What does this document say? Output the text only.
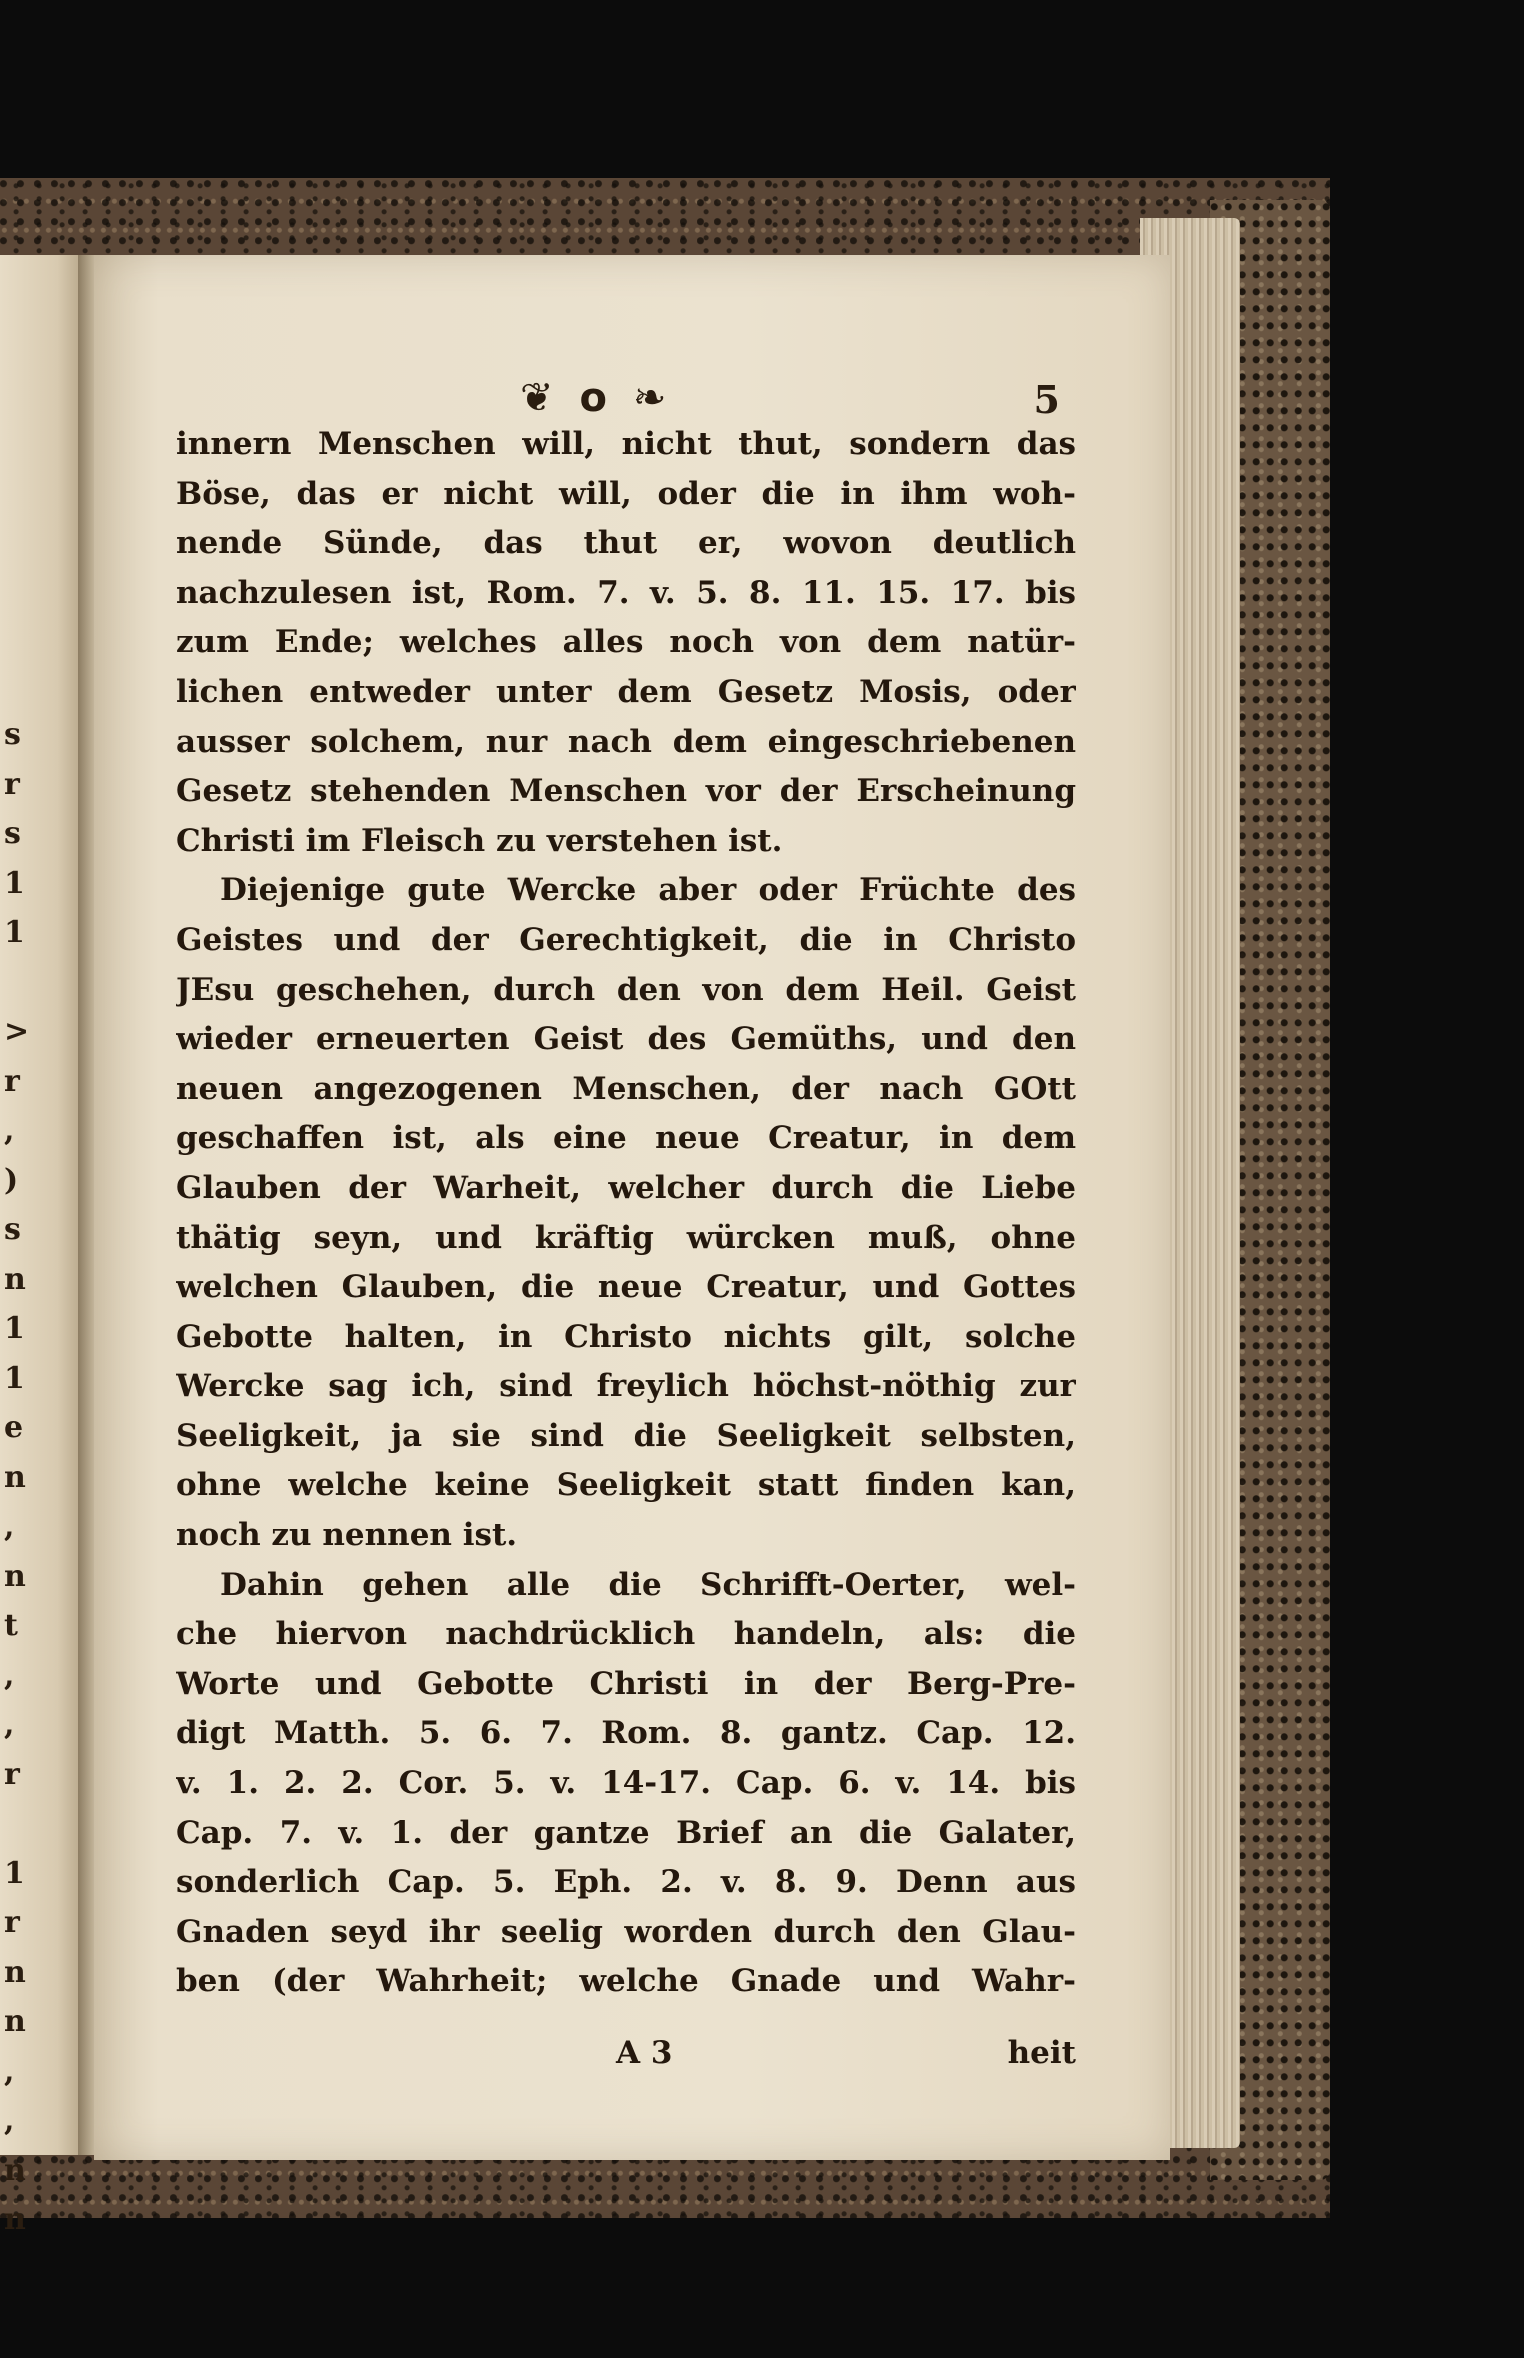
s
r
s
1
1

>
r
,
)
s
n
1
1
e
n
,
n
t
,
,
r

1
r
n
n
,
,
n
n
❦ o ❧	5
innern Menschen will, nicht thut, sondern das
Böse, das er nicht will, oder die in ihm woh-
nende Sünde, das thut er, wovon deutlich
nachzulesen ist, Rom. 7. v. 5. 8. 11. 15. 17. bis
zum Ende; welches alles noch von dem natür-
lichen entweder unter dem Gesetz Mosis, oder
ausser solchem, nur nach dem eingeschriebenen
Gesetz stehenden Menschen vor der Erscheinung
Christi im Fleisch zu verstehen ist.
Diejenige gute Wercke aber oder Früchte des
Geistes und der Gerechtigkeit, die in Christo
JEsu geschehen, durch den von dem Heil. Geist
wieder erneuerten Geist des Gemüths, und den
neuen angezogenen Menschen, der nach GOtt
geschaffen ist, als eine neue Creatur, in dem
Glauben der Warheit, welcher durch die Liebe
thätig seyn, und kräftig würcken muß, ohne
welchen Glauben, die neue Creatur, und Gottes
Gebotte halten, in Christo nichts gilt, solche
Wercke sag ich, sind freylich höchst-nöthig zur
Seeligkeit, ja sie sind die Seeligkeit selbsten,
ohne welche keine Seeligkeit statt finden kan,
noch zu nennen ist.
Dahin gehen alle die Schrifft-Oerter, wel-
che hiervon nachdrücklich handeln, als: die
Worte und Gebotte Christi in der Berg-Pre-
digt Matth. 5. 6. 7. Rom. 8. gantz. Cap. 12.
v. 1. 2. 2. Cor. 5. v. 14-17. Cap. 6. v. 14. bis
Cap. 7. v. 1. der gantze Brief an die Galater,
sonderlich Cap. 5. Eph. 2. v. 8. 9. Denn aus
Gnaden seyd ihr seelig worden durch den Glau-
ben (der Wahrheit; welche Gnade und Wahr-
A 3	heit
